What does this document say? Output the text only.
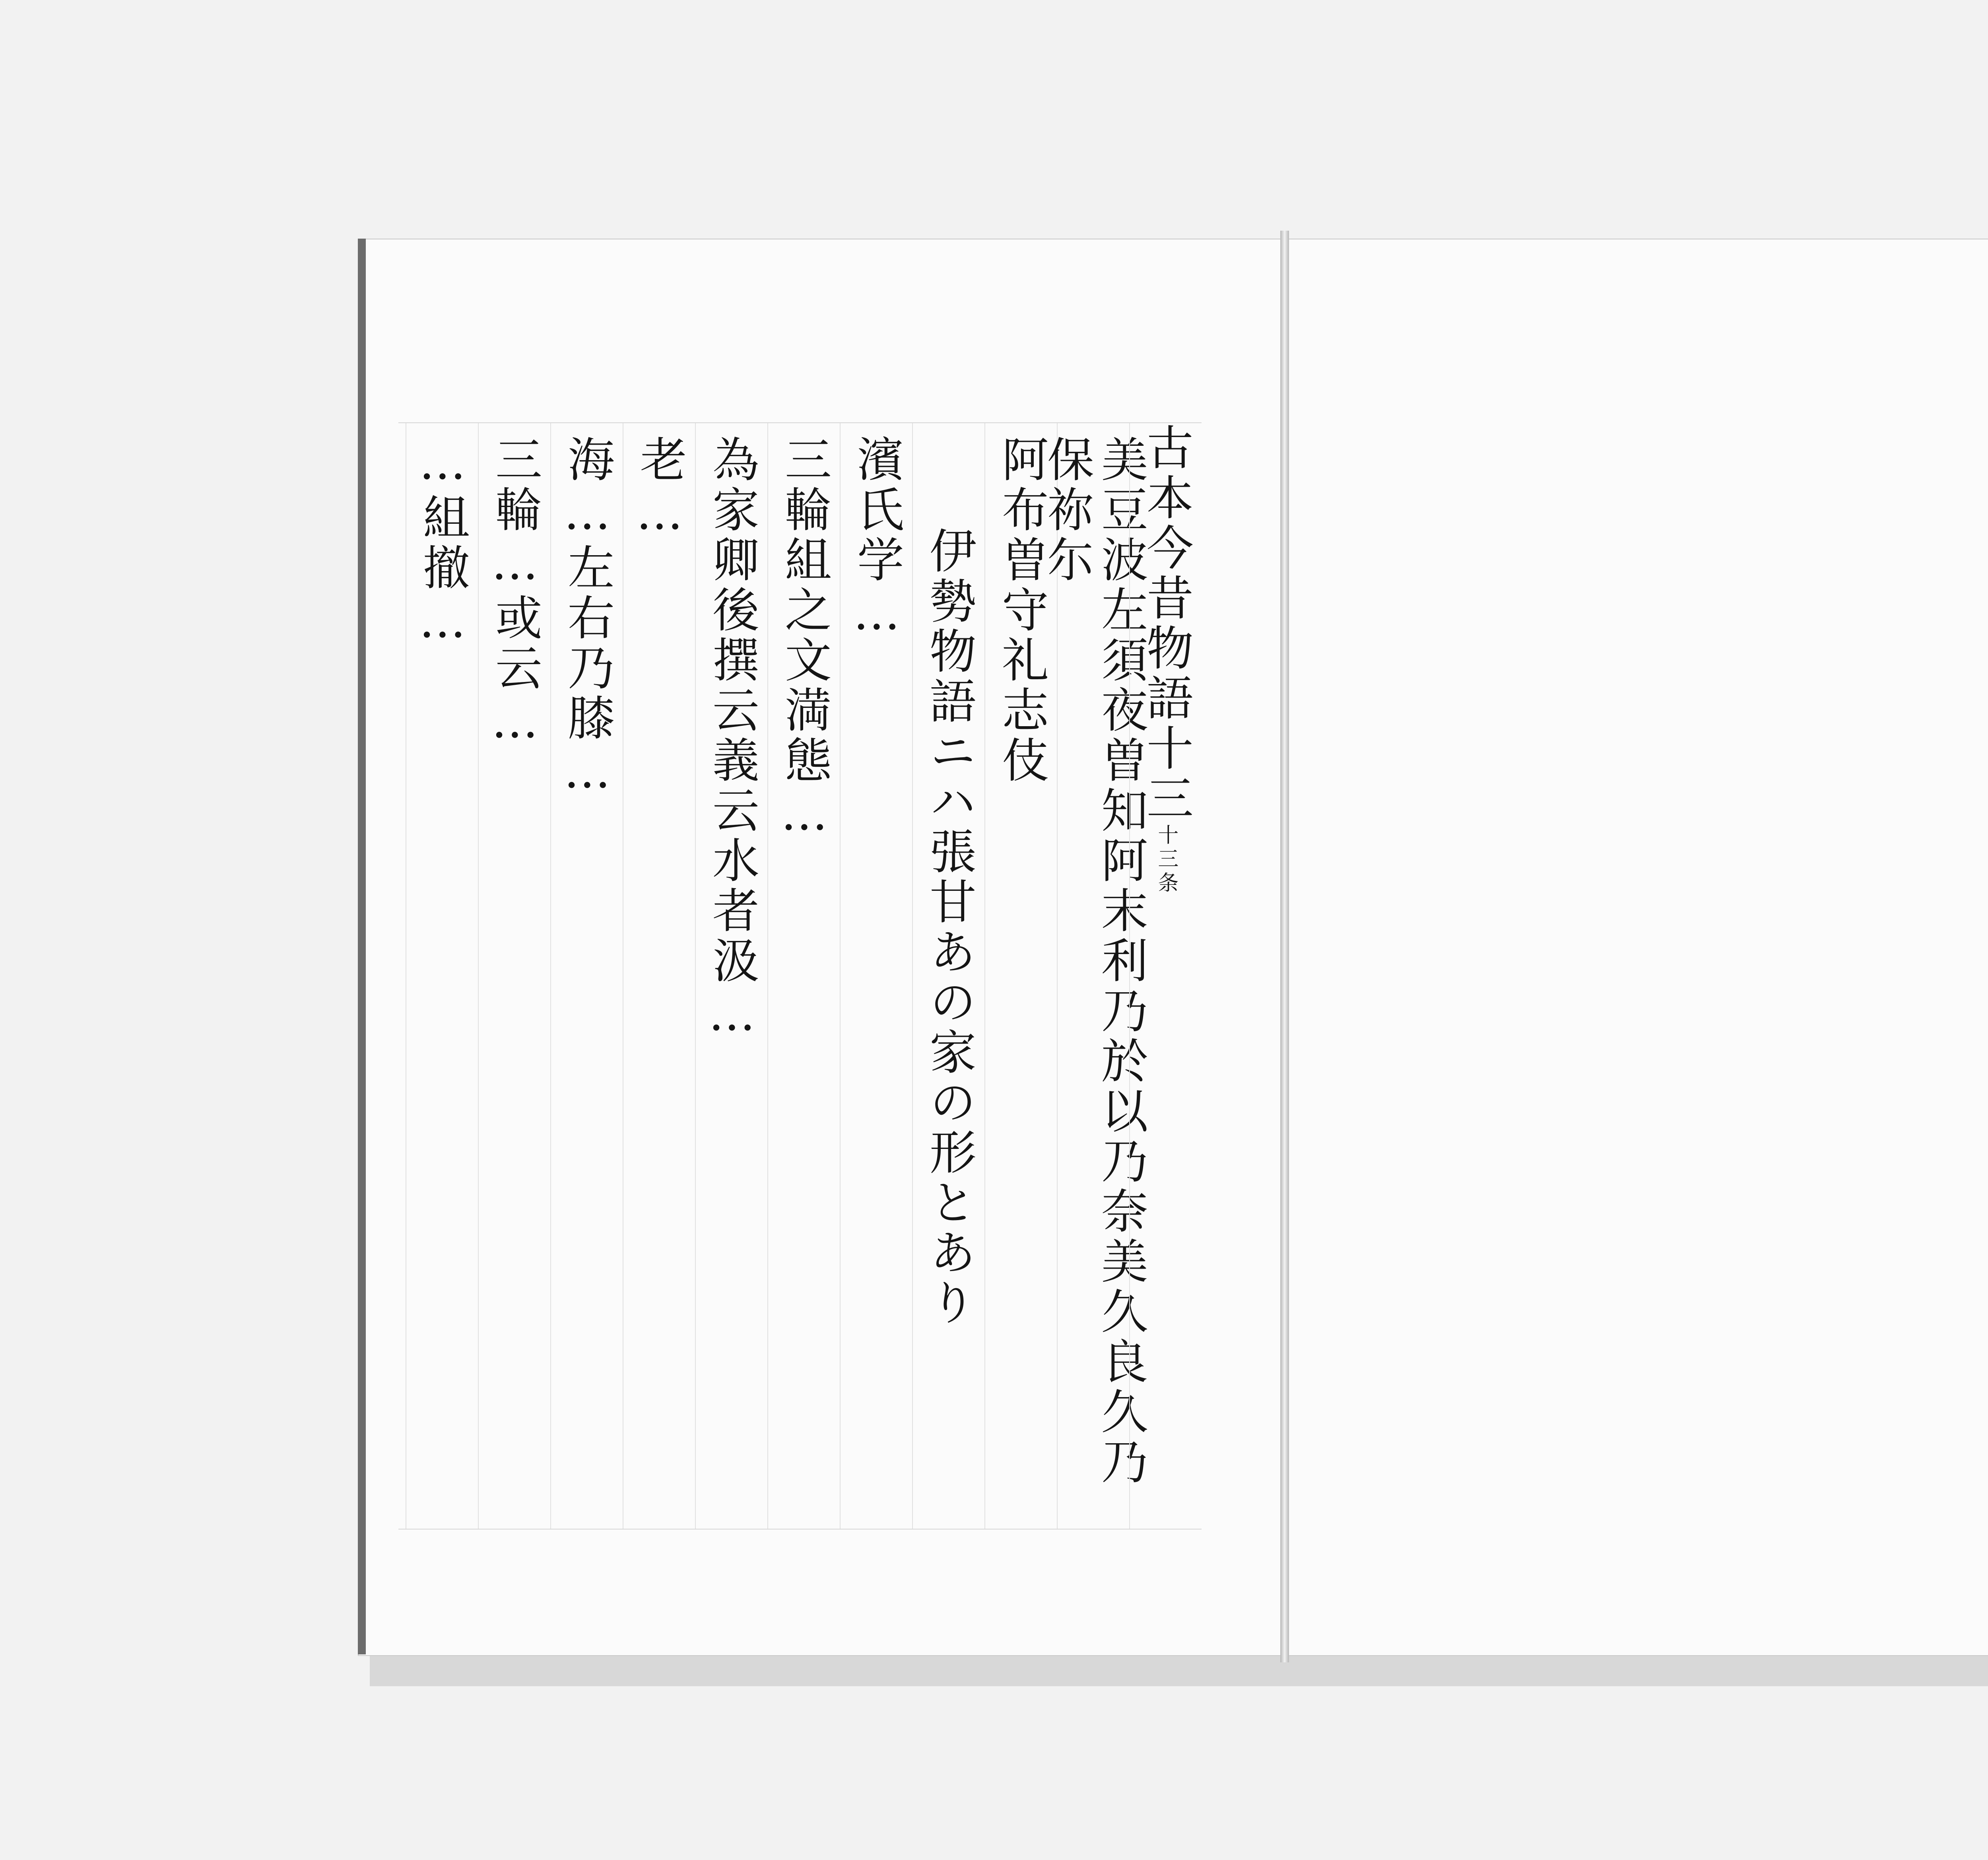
古本今昔物語十三
十三条
美豆波左須夜曽知阿末利乃於以乃奈美久良久乃保祢尓
阿布曽守礼志伎
伊勢物語ニハ張甘あの家の形とあり
濱氏学…
三輪組之文満態…
為家卿後撰云義云水者汲…
老…
海…左右乃膝…
三輪…或云…
…組撤…
